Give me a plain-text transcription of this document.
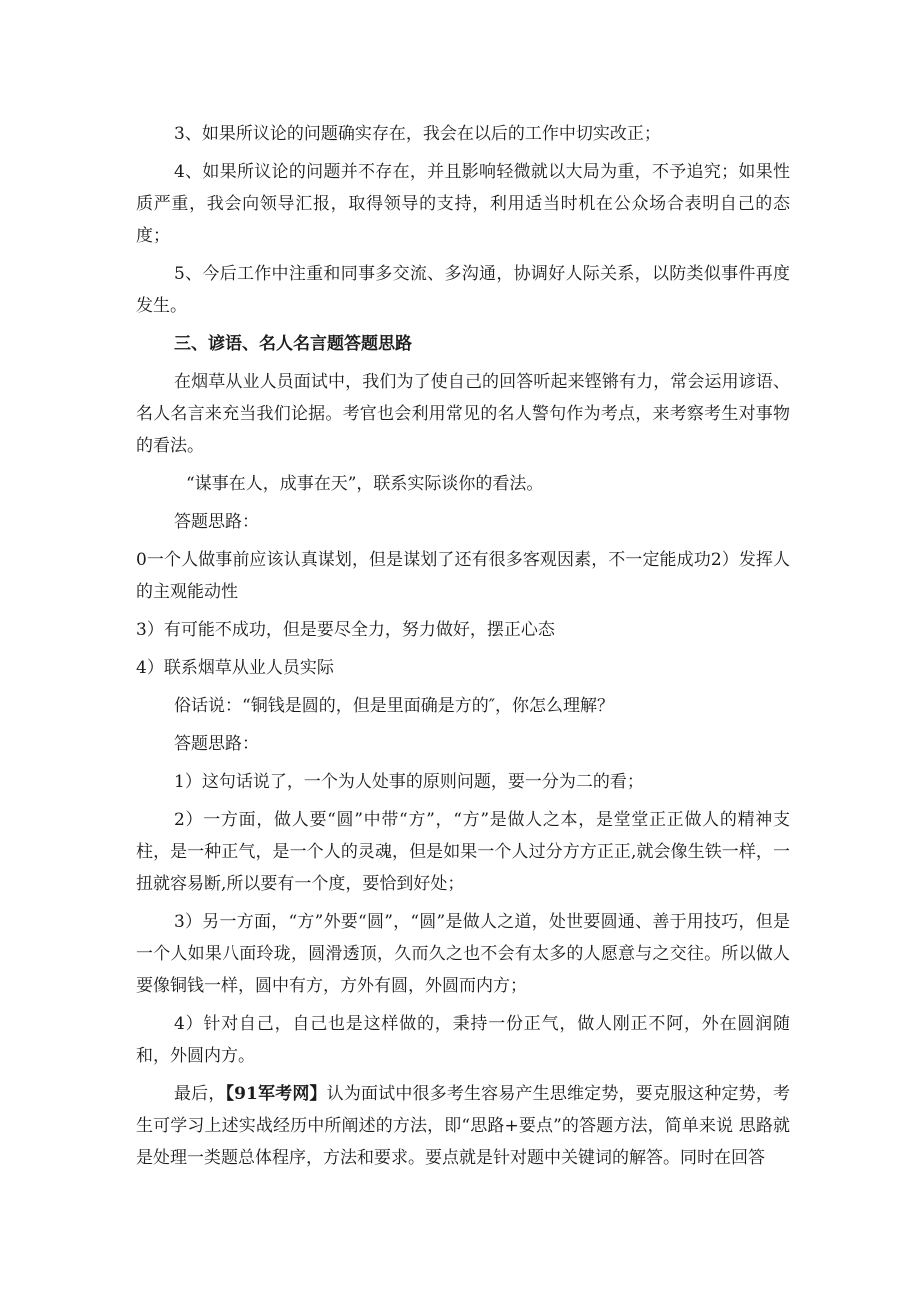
3、如果所议论的问题确实存在，我会在以后的工作中切实改正；

4、如果所议论的问题并不存在，并且影响轻微就以大局为重，不予追究；如果性质严重，我会向领导汇报，取得领导的支持，利用适当时机在公众场合表明自己的态度；

5、今后工作中注重和同事多交流、多沟通，协调好人际关系，以防类似事件再度发生。

三、谚语、名人名言题答题思路

在烟草从业人员面试中，我们为了使自己的回答听起来铿锵有力，常会运用谚语、名人名言来充当我们论据。考官也会利用常见的名人警句作为考点，来考察考生对事物的看法。

“谋事在人，成事在天”，联系实际谈你的看法。

答题思路：

0一个人做事前应该认真谋划，但是谋划了还有很多客观因素，不一定能成功2）发挥人的主观能动性

3）有可能不成功，但是要尽全力，努力做好，摆正心态

4）联系烟草从业人员实际

俗话说：“铜钱是圆的，但是里面确是方的″，你怎么理解？

答题思路：

1）这句话说了，一个为人处事的原则问题，要一分为二的看；

2）一方面，做人要“圆”中带“方”，“方”是做人之本，是堂堂正正做人的精神支柱，是一种正气，是一个人的灵魂，但是如果一个人过分方方正正,就会像生铁一样，一扭就容易断,所以要有一个度，要恰到好处；

3）另一方面，“方”外要“圆”，“圆”是做人之道，处世要圆通、善于用技巧，但是一个人如果八面玲珑，圆滑透顶，久而久之也不会有太多的人愿意与之交往。所以做人要像铜钱一样，圆中有方，方外有圆，外圆而内方；

4）针对自己，自己也是这样做的，秉持一份正气，做人刚正不阿，外在圆润随和，外圆内方。

最后，【91军考网】认为面试中很多考生容易产生思维定势，要克服这种定势，考生可学习上述实战经历中所阐述的方法，即“思路+要点”的答题方法，简单来说 思路就是处理一类题总体程序，方法和要求。要点就是针对题中关键词的解答。同时在回答
